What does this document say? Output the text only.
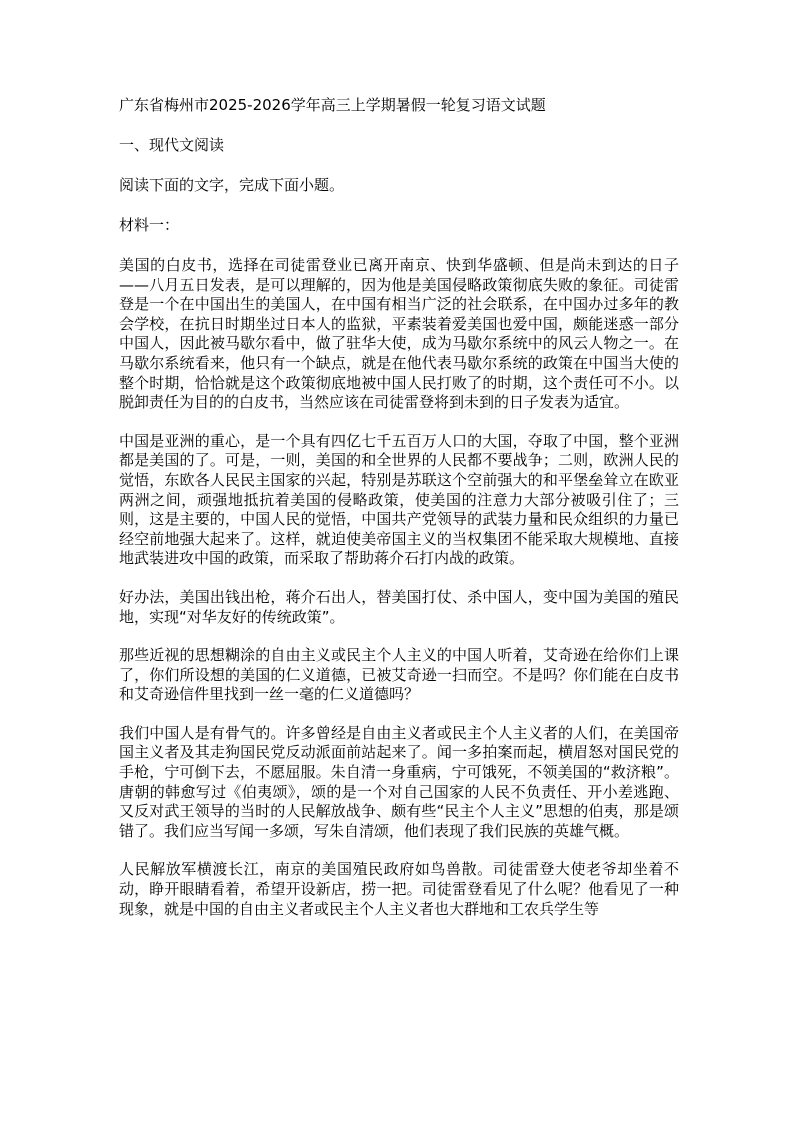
广东省梅州市2025-2026学年高三上学期暑假一轮复习语文试题
一、现代文阅读
阅读下面的文字，完成下面小题。
材料一：

美国的白皮书，选择在司徒雷登业已离开南京、快到华盛顿、但是尚未到达的日子——八月五日发表，是可以理解的，因为他是美国侵略政策彻底失败的象征。司徒雷登是一个在中国出生的美国人，在中国有相当广泛的社会联系，在中国办过多年的教会学校，在抗日时期坐过日本人的监狱，平素装着爱美国也爱中国，颇能迷惑一部分中国人，因此被马歇尔看中，做了驻华大使，成为马歇尔系统中的风云人物之一。在马歇尔系统看来，他只有一个缺点，就是在他代表马歇尔系统的政策在中国当大使的整个时期，恰恰就是这个政策彻底地被中国人民打败了的时期，这个责任可不小。以脱卸责任为目的的白皮书，当然应该在司徒雷登将到未到的日子发表为适宜。

中国是亚洲的重心，是一个具有四亿七千五百万人口的大国，夺取了中国，整个亚洲都是美国的了。可是，一则，美国的和全世界的人民都不要战争；二则，欧洲人民的觉悟，东欧各人民民主国家的兴起，特别是苏联这个空前强大的和平堡垒耸立在欧亚两洲之间，顽强地抵抗着美国的侵略政策，使美国的注意力大部分被吸引住了；三则，这是主要的，中国人民的觉悟，中国共产党领导的武装力量和民众组织的力量已经空前地强大起来了。这样，就迫使美帝国主义的当权集团不能采取大规模地、直接地武装进攻中国的政策，而采取了帮助蒋介石打内战的政策。

好办法，美国出钱出枪，蒋介石出人，替美国打仗、杀中国人，变中国为美国的殖民地，实现“对华友好的传统政策”。

那些近视的思想糊涂的自由主义或民主个人主义的中国人听着，艾奇逊在给你们上课了，你们所设想的美国的仁义道德，已被艾奇逊一扫而空。不是吗？你们能在白皮书和艾奇逊信件里找到一丝一毫的仁义道德吗？

我们中国人是有骨气的。许多曾经是自由主义者或民主个人主义者的人们，在美国帝国主义者及其走狗国民党反动派面前站起来了。闻一多拍案而起，横眉怒对国民党的手枪，宁可倒下去，不愿屈服。朱自清一身重病，宁可饿死，不领美国的“救济粮”。唐朝的韩愈写过《伯夷颂》，颂的是一个对自己国家的人民不负责任、开小差逃跑、又反对武王领导的当时的人民解放战争、颇有些“民主个人主义”思想的伯夷，那是颂错了。我们应当写闻一多颂，写朱自清颂，他们表现了我们民族的英雄气概。

人民解放军横渡长江，南京的美国殖民政府如鸟兽散。司徒雷登大使老爷却坐着不动，睁开眼睛看着，希望开设新店，捞一把。司徒雷登看见了什么呢？他看见了一种现象，就是中国的自由主义者或民主个人主义者也大群地和工农兵学生等
